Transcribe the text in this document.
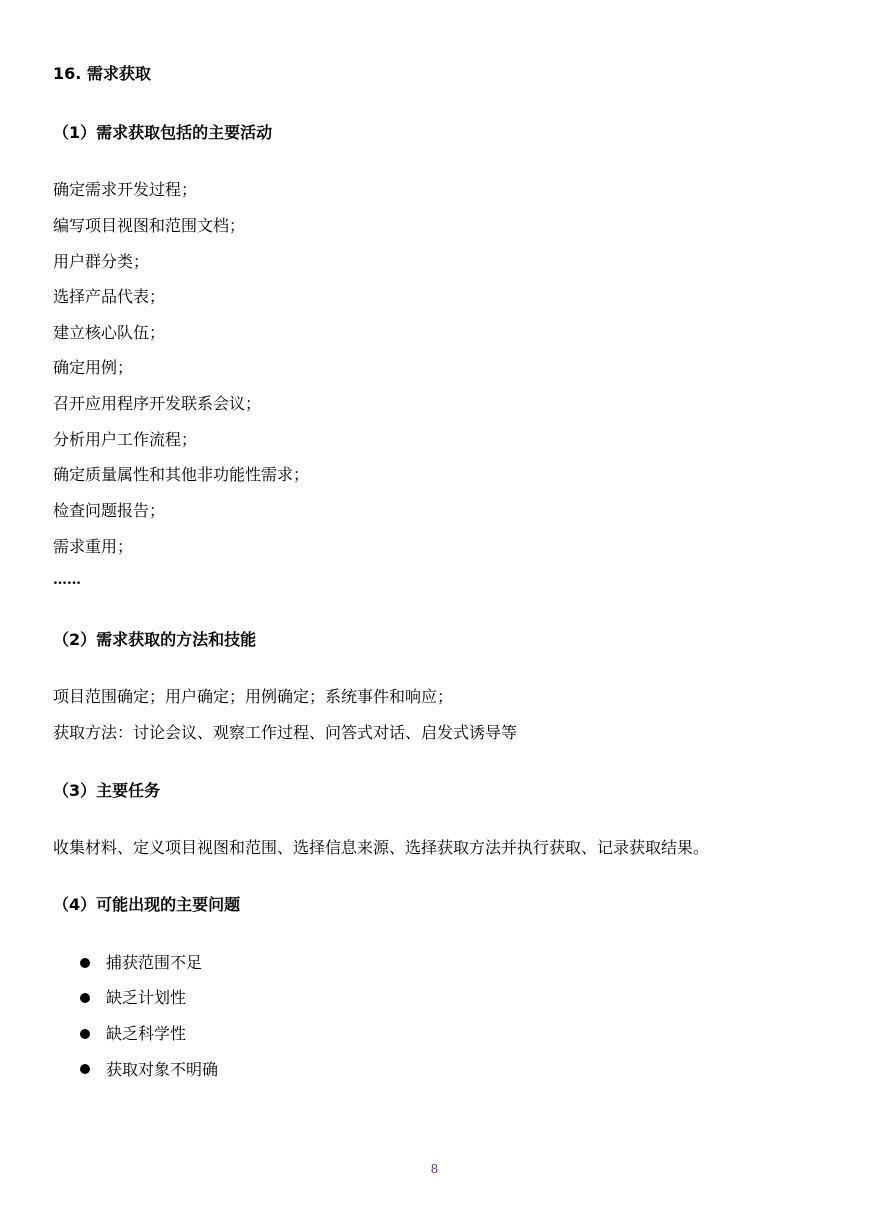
16. 需求获取
（1）需求获取包括的主要活动
确定需求开发过程；
编写项目视图和范围文档；
用户群分类；
选择产品代表；
建立核心队伍；
确定用例；
召开应用程序开发联系会议；
分析用户工作流程；
确定质量属性和其他非功能性需求；
检查问题报告；
需求重用；
……
（2）需求获取的方法和技能
项目范围确定；用户确定；用例确定；系统事件和响应；
获取方法：讨论会议、观察工作过程、问答式对话、启发式诱导等
（3）主要任务
收集材料、定义项目视图和范围、选择信息来源、选择获取方法并执行获取、记录获取结果。
（4）可能出现的主要问题
捕获范围不足
缺乏计划性
缺乏科学性
获取对象不明确
8
